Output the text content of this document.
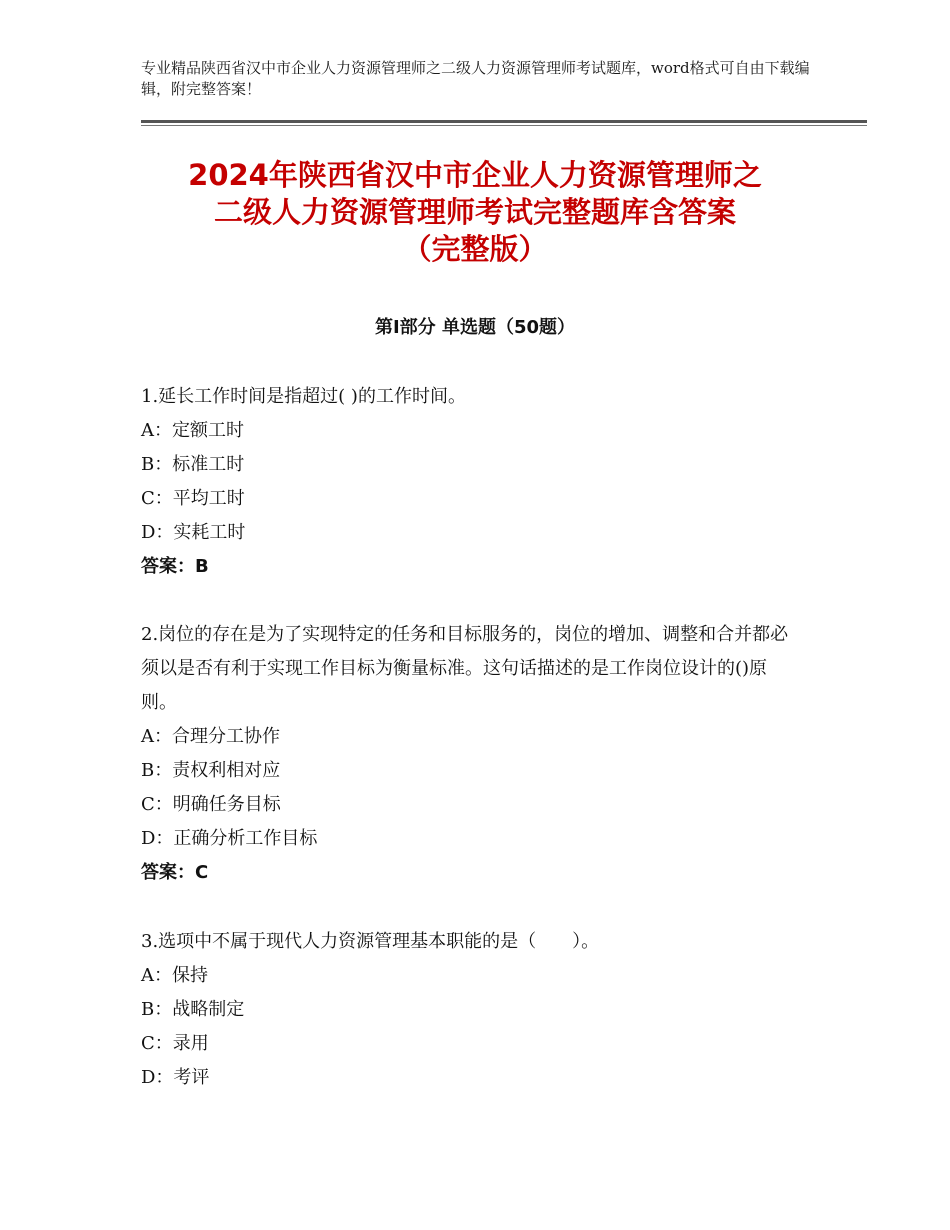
专业精品陕西省汉中市企业人力资源管理师之二级人力资源管理师考试题库，word格式可自由下载编辑，附完整答案！
2024年陕西省汉中市企业人力资源管理师之
二级人力资源管理师考试完整题库含答案
（完整版）
第Ⅰ部分 单选题（50题）
1.延长工作时间是指超过( )的工作时间。
A：定额工时
B：标准工时
C：平均工时
D：实耗工时
答案：B
2.岗位的存在是为了实现特定的任务和目标服务的，岗位的增加、调整和合并都必须以是否有利于实现工作目标为衡量标准。这句话描述的是工作岗位设计的()原则。
A：合理分工协作
B：责权利相对应
C：明确任务目标
D：正确分析工作目标
答案：C
3.选项中不属于现代人力资源管理基本职能的是（　　）。
A：保持
B：战略制定
C：录用
D：考评
